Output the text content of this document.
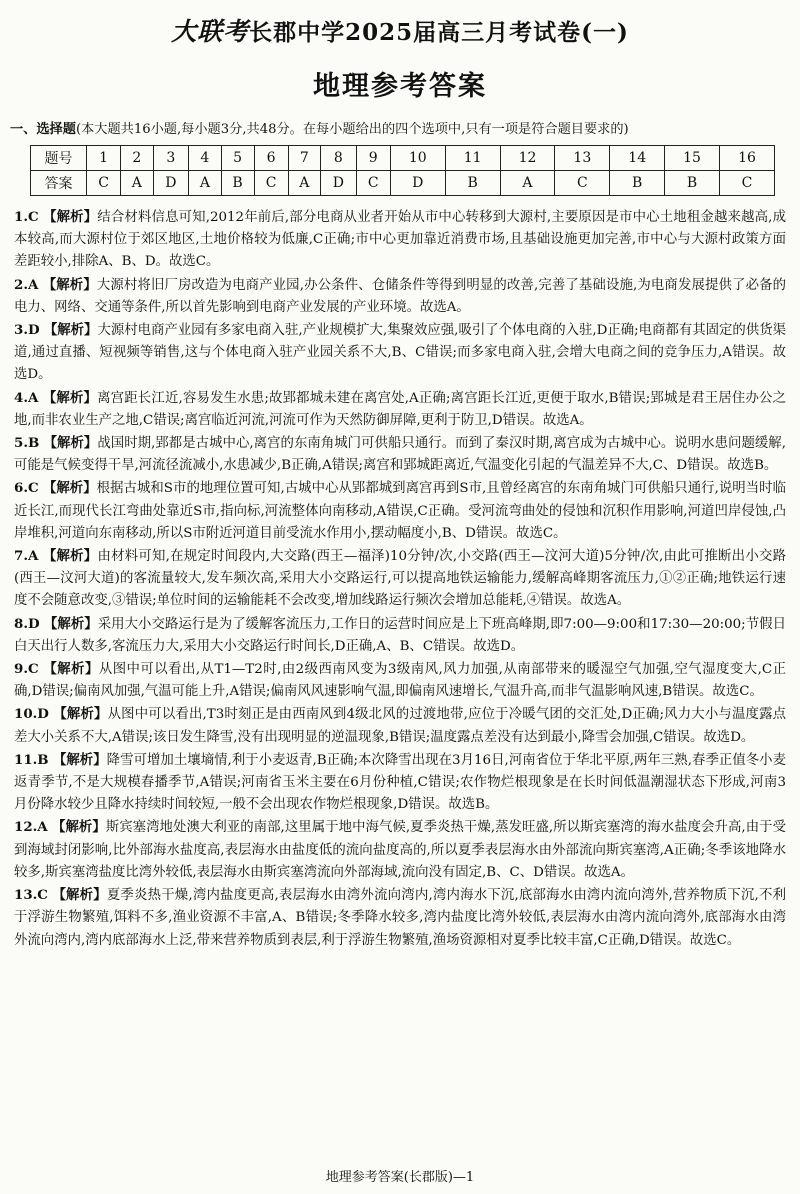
大联考长郡中学2025届高三月考试卷(一)
地理参考答案
一、选择题(本大题共16小题,每小题3分,共48分。在每小题给出的四个选项中,只有一项是符合题目要求的)
题号	1	2	3	4	5	6	7	8	9	10	11	12	13	14	15	16
答案	C	A	D	A	B	C	A	D	C	D	B	A	C	B	B	C

1.C 【解析】结合材料信息可知,2012年前后,部分电商从业者开始从市中心转移到大源村,主要原因是市中心土地租金越来越高,成本较高,而大源村位于郊区地区,土地价格较为低廉,C正确;市中心更加靠近消费市场,且基础设施更加完善,市中心与大源村政策方面差距较小,排除A、B、D。故选C。

2.A 【解析】大源村将旧厂房改造为电商产业园,办公条件、仓储条件等得到明显的改善,完善了基础设施,为电商发展提供了必备的电力、网络、交通等条件,所以首先影响到电商产业发展的产业环境。故选A。

3.D 【解析】大源村电商产业园有多家电商入驻,产业规模扩大,集聚效应强,吸引了个体电商的入驻,D正确;电商都有其固定的供货渠道,通过直播、短视频等销售,这与个体电商入驻产业园关系不大,B、C错误;而多家电商入驻,会增大电商之间的竞争压力,A错误。故选D。

4.A 【解析】离宫距长江近,容易发生水患;故郢都城未建在离宫处,A正确;离宫距长江近,更便于取水,B错误;郢城是君王居住办公之地,而非农业生产之地,C错误;离宫临近河流,河流可作为天然防御屏障,更利于防卫,D错误。故选A。

5.B 【解析】战国时期,郢都是古城中心,离宫的东南角城门可供船只通行。而到了秦汉时期,离宫成为古城中心。说明水患问题缓解,可能是气候变得干旱,河流径流减小,水患减少,B正确,A错误;离宫和郢城距离近,气温变化引起的气温差异不大,C、D错误。故选B。

6.C 【解析】根据古城和S市的地理位置可知,古城中心从郢都城到离宫再到S市,且曾经离宫的东南角城门可供船只通行,说明当时临近长江,而现代长江弯曲处靠近S市,指向标,河流整体向南移动,A错误,C正确。受河流弯曲处的侵蚀和沉积作用影响,河道凹岸侵蚀,凸岸堆积,河道向东南移动,所以S市附近河道目前受流水作用小,摆动幅度小,B、D错误。故选C。

7.A 【解析】由材料可知,在规定时间段内,大交路(西王—福泽)10分钟/次,小交路(西王—汶河大道)5分钟/次,由此可推断出小交路(西王—汶河大道)的客流量较大,发车频次高,采用大小交路运行,可以提高地铁运输能力,缓解高峰期客流压力,①②正确;地铁运行速度不会随意改变,③错误;单位时间的运输能耗不会改变,增加线路运行频次会增加总能耗,④错误。故选A。

8.D 【解析】采用大小交路运行是为了缓解客流压力,工作日的运营时间应是上下班高峰期,即7:00—9:00和17:30—20:00;节假日白天出行人数多,客流压力大,采用大小交路运行时间长,D正确,A、B、C错误。故选D。

9.C 【解析】从图中可以看出,从T1—T2时,由2级西南风变为3级南风,风力加强,从南部带来的暖湿空气加强,空气湿度变大,C正确,D错误;偏南风加强,气温可能上升,A错误;偏南风风速影响气温,即偏南风速增长,气温升高,而非气温影响风速,B错误。故选C。

10.D 【解析】从图中可以看出,T3时刻正是由西南风到4级北风的过渡地带,应位于冷暖气团的交汇处,D正确;风力大小与温度露点差大小关系不大,A错误;该日发生降雪,没有出现明显的逆温现象,B错误;温度露点差没有达到最小,降雪会加强,C错误。故选D。

11.B 【解析】降雪可增加土壤墒情,利于小麦返青,B正确;本次降雪出现在3月16日,河南省位于华北平原,两年三熟,春季正值冬小麦返青季节,不是大规模春播季节,A错误;河南省玉米主要在6月份种植,C错误;农作物烂根现象是在长时间低温潮湿状态下形成,河南3月份降水较少且降水持续时间较短,一般不会出现农作物烂根现象,D错误。故选B。

12.A 【解析】斯宾塞湾地处澳大利亚的南部,这里属于地中海气候,夏季炎热干燥,蒸发旺盛,所以斯宾塞湾的海水盐度会升高,由于受到海域封闭影响,比外部海水盐度高,表层海水由盐度低的流向盐度高的,所以夏季表层海水由外部流向斯宾塞湾,A正确;冬季该地降水较多,斯宾塞湾盐度比湾外较低,表层海水由斯宾塞湾流向外部海域,流向没有固定,B、C、D错误。故选A。

13.C 【解析】夏季炎热干燥,湾内盐度更高,表层海水由湾外流向湾内,湾内海水下沉,底部海水由湾内流向湾外,营养物质下沉,不利于浮游生物繁殖,饵料不多,渔业资源不丰富,A、B错误;冬季降水较多,湾内盐度比湾外较低,表层海水由湾内流向湾外,底部海水由湾外流向湾内,湾内底部海水上泛,带来营养物质到表层,利于浮游生物繁殖,渔场资源相对夏季比较丰富,C正确,D错误。故选C。

地理参考答案(长郡版)—1
